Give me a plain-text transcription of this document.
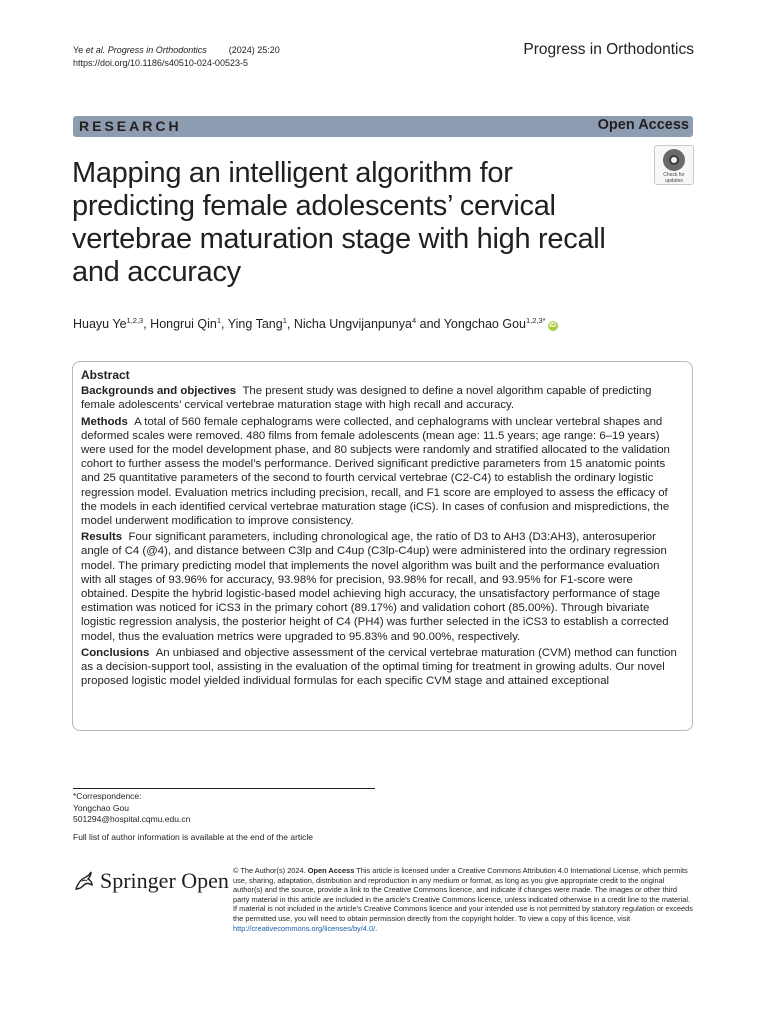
Ye et al. Progress in Orthodontics (2024) 25:20
https://doi.org/10.1186/s40510-024-00523-5
Progress in Orthodontics
RESEARCH	Open Access
Check for
updates
Mapping an intelligent algorithm for predicting female adolescents’ cervical vertebrae maturation stage with high recall and accuracy
Huayu Ye$^{1,2,3}$, Hongrui Qin$^1$, Ying Tang$^1$, Nicha Ungvijanpunya$^4$ and Yongchao Gou$^{1,2,3*}$iD
Abstract

Backgrounds and objectives The present study was designed to define a novel algorithm capable of predicting female adolescents’ cervical vertebrae maturation stage with high recall and accuracy.

Methods A total of 560 female cephalograms were collected, and cephalograms with unclear vertebral shapes and deformed scales were removed. 480 films from female adolescents (mean age: 11.5 years; age range: 6–19 years) were used for the model development phase, and 80 subjects were randomly and stratified allocated to the validation cohort to further assess the model’s performance. Derived significant predictive parameters from 15 anatomic points and 25 quantitative parameters of the second to fourth cervical vertebrae (C2-C4) to establish the ordinary logistic regression model. Evaluation metrics including precision, recall, and F1 score are employed to assess the efficacy of the models in each identified cervical vertebrae maturation stage (iCS). In cases of confusion and mispredictions, the model underwent modification to improve consistency.

Results Four significant parameters, including chronological age, the ratio of D3 to AH3 (D3:AH3), anterosuperior angle of C4 (@4), and distance between C3lp and C4up (C3lp-C4up) were administered into the ordinary regression model. The primary predicting model that implements the novel algorithm was built and the performance evaluation with all stages of 93.96% for accuracy, 93.98% for precision, 93.98% for recall, and 93.95% for F1-score were obtained. Despite the hybrid logistic-based model achieving high accuracy, the unsatisfactory performance of stage estimation was noticed for iCS3 in the primary cohort (89.17%) and validation cohort (85.00%). Through bivariate logistic regression analysis, the posterior height of C4 (PH4) was further selected in the iCS3 to establish a corrected model, thus the evaluation metrics were upgraded to 95.83% and 90.00%, respectively.

Conclusions An unbiased and objective assessment of the cervical vertebrae maturation (CVM) method can function as a decision-support tool, assisting in the evaluation of the optimal timing for treatment in growing adults. Our novel proposed logistic model yielded individual formulas for each specific CVM stage and attained exceptional

*Correspondence:
Yongchao Gou
501294@hospital.cqmu.edu.cn
Full list of author information is available at the end of the article
Springer Open © The Author(s) 2024. Open Access This article is licensed under a Creative Commons Attribution 4.0 International License, which permits use, sharing, adaptation, distribution and reproduction in any medium or format, as long as you give appropriate credit to the original author(s) and the source, provide a link to the Creative Commons licence, and indicate if changes were made. The images or other third party material in this article are included in the article’s Creative Commons licence, unless indicated otherwise in a credit line to the material. If material is not included in the article’s Creative Commons licence and your intended use is not permitted by statutory regulation or exceeds the permitted use, you will need to obtain permission directly from the copyright holder. To view a copy of this licence, visit http://creativecommons.org/licenses/by/4.0/.
